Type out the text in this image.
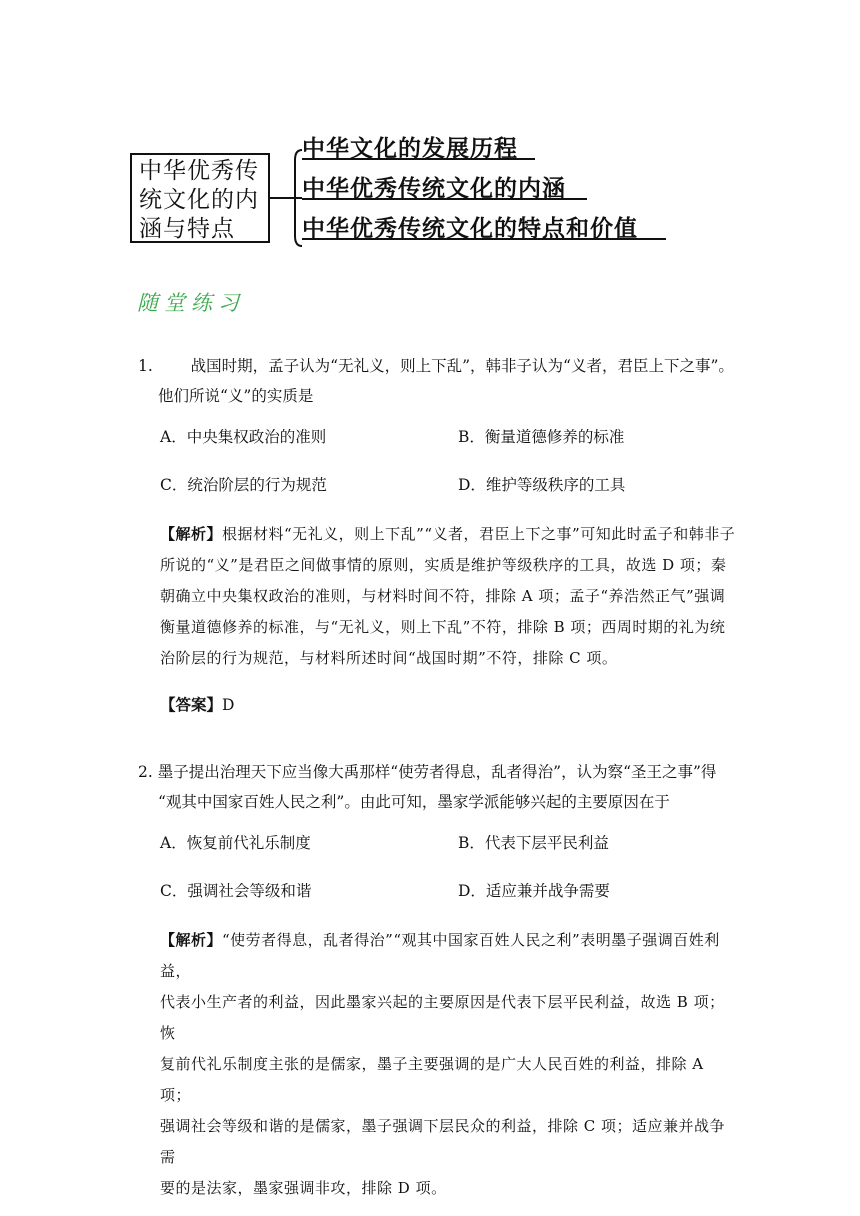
中华优秀传
统文化的内
涵与特点
中华文化的发展历程
中华优秀传统文化的内涵
中华优秀传统文化的特点和价值
随堂练习

1. 战国时期，孟子认为“无礼义，则上下乱”，韩非子认为“义者，君臣上下之事”。

他们所说“义”的实质是

A．中央集权政治的准则	B．衡量道德修养的标准
C．统治阶层的行为规范	D．维护等级秩序的工具

【解析】根据材料“无礼义，则上下乱”“义者，君臣上下之事”可知此时孟子和韩非子

所说的“义”是君臣之间做事情的原则，实质是维护等级秩序的工具，故选 D 项；秦

朝确立中央集权政治的准则，与材料时间不符，排除 A 项；孟子“养浩然正气”强调

衡量道德修养的标准，与“无礼义，则上下乱”不符，排除 B 项；西周时期的礼为统

治阶层的行为规范，与材料所述时间“战国时期”不符，排除 C 项。

【答案】D

2. 墨子提出治理天下应当像大禹那样“使劳者得息，乱者得治”，认为察“圣王之事”得

“观其中国家百姓人民之利”。由此可知，墨家学派能够兴起的主要原因在于

A．恢复前代礼乐制度	B．代表下层平民利益
C．强调社会等级和谐	D．适应兼并战争需要

【解析】“使劳者得息，乱者得治”“观其中国家百姓人民之利”表明墨子强调百姓利益，

代表小生产者的利益，因此墨家兴起的主要原因是代表下层平民利益，故选 B 项；恢

复前代礼乐制度主张的是儒家，墨子主要强调的是广大人民百姓的利益，排除 A 项；

强调社会等级和谐的是儒家，墨子强调下层民众的利益，排除 C 项；适应兼并战争需

要的是法家，墨家强调非攻，排除 D 项。
